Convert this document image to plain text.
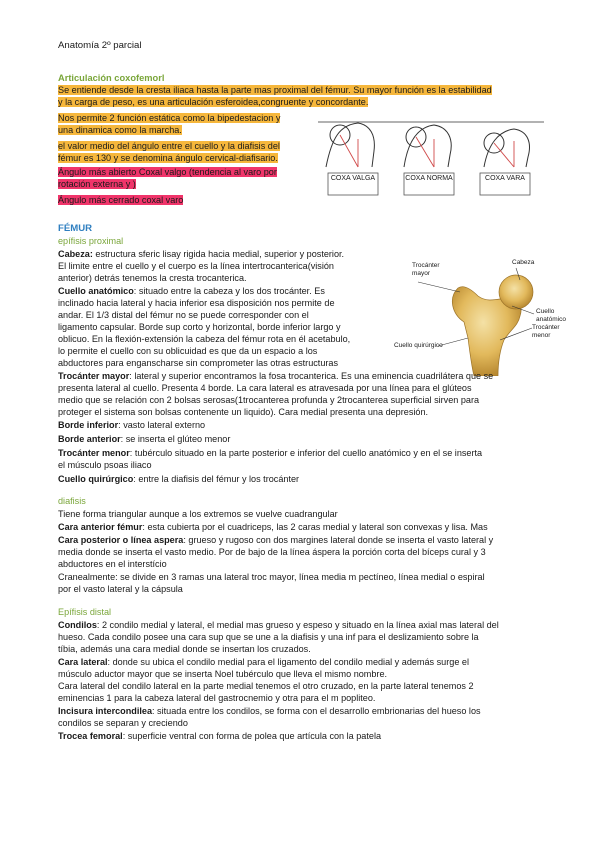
Anatomía 2º parcial
Articulación coxofemorl
Se entiende desde la cresta iliaca hasta la parte mas proximal del fémur. Su mayor función es la estabilidad
y la carga de peso, es una articulación esferoidea,congruente y concordante.
Nos permite 2 función estática como la bipedestacion y
una dinamica como la marcha.
el valor medio del ángulo entre el cuello y la diafisis del
fémur es 130 y se denomina ángulo cervical-diafisario.
Ángulo más abierto Coxal valgo (tendencia al varo por
rotación externa y )
Ángulo más cerrado coxal varo
COXA VALGA	COXA NORMA	COXA VARA
FÉMUR
epífisis proximal
Cabeza: estructura sferic lisay rigida hacia medial, superior y posterior.
El limite entre el cuello y el cuerpo es la línea intertrocanterica(visión
anterior) detrás tenemos la cresta trocanterica.
Cuello anatómico: situado entre la cabeza y los dos trocánter. Es
inclinado hacia lateral y hacia inferior esa disposición nos permite de
andar. El 1/3 distal del fémur no se puede corresponder con el
ligamento capsular. Borde sup corto y horizontal, borde inferior largo y
oblicuo. En la flexión-extensión la cabeza del fémur rota en él acetabulo,
lo permite el cuello con su oblicuidad es que da un espacio a los
abductores para enganscharse sin comprometer las otras estructuras
Trocánter mayor
Cabeza
Cuello anatómico
Cuello quirúrgico
Trocánter menor
Trocánter mayor: lateral y superior encontramos la fosa trocanterica. Es una eminencia cuadrilátera que se
presenta lateral al cuello. Presenta 4 borde. La cara lateral es atravesada por una línea para el glúteos
medio que se relación con 2 bolsas serosas(1trocanterea profunda y 2trocanterea superficial sirven para
proteger el sistema son bolsas contenente un liquido). Cara medial presenta una depresión.
Borde inferior: vasto lateral externo
Borde anterior: se inserta el glúteo menor
Trocánter menor: tubérculo situado en la parte posterior e inferior del cuello anatómico y en el se inserta
el músculo psoas iliaco
Cuello quirúrgico: entre la diafisis del fémur y los trocánter
diafisis
Tiene forma triangular aunque a los extremos se vuelve cuadrangular
Cara anterior fémur: esta cubierta por el cuadriceps, las 2 caras medial y lateral son convexas y lisa. Mas
Cara posterior o línea aspera: grueso y rugoso con dos margines lateral donde se inserta el vasto lateral y
media donde se inserta el vasto medio. Por de bajo de la línea áspera la porción corta del bíceps cural y 3
abductores en el interstício
Cranealmente: se divide en 3 ramas una lateral troc mayor, línea media m pectíneo, línea medial o espiral
por el vasto lateral y la cápsula
Epífisis distal
Condilos: 2 condilo medial y lateral, el medial mas grueso y espeso y situado en la línea axial mas lateral del
hueso. Cada condilo posee una cara sup que se une a la diafisis y una inf para el deslizamiento sobre la
tíbia, además una cara medial donde se insertan los cruzados.
Cara lateral: donde su ubica el condilo medial para el ligamento del condilo medial y además surge el
músculo aductor mayor que se inserta Noel tubérculo que lleva el mismo nombre.
Cara lateral del condilo lateral en la parte medial tenemos el otro cruzado, en la parte lateral tenemos 2
eminencias 1 para la cabeza lateral del gastrocnemio y otra para el m popliteo.
Incisura intercondilea: situada entre los condilos, se forma con el desarrollo embrionarias del hueso los
condilos se separan y creciendo
Trocea femoral: superficie ventral con forma de polea que artícula con la patela
